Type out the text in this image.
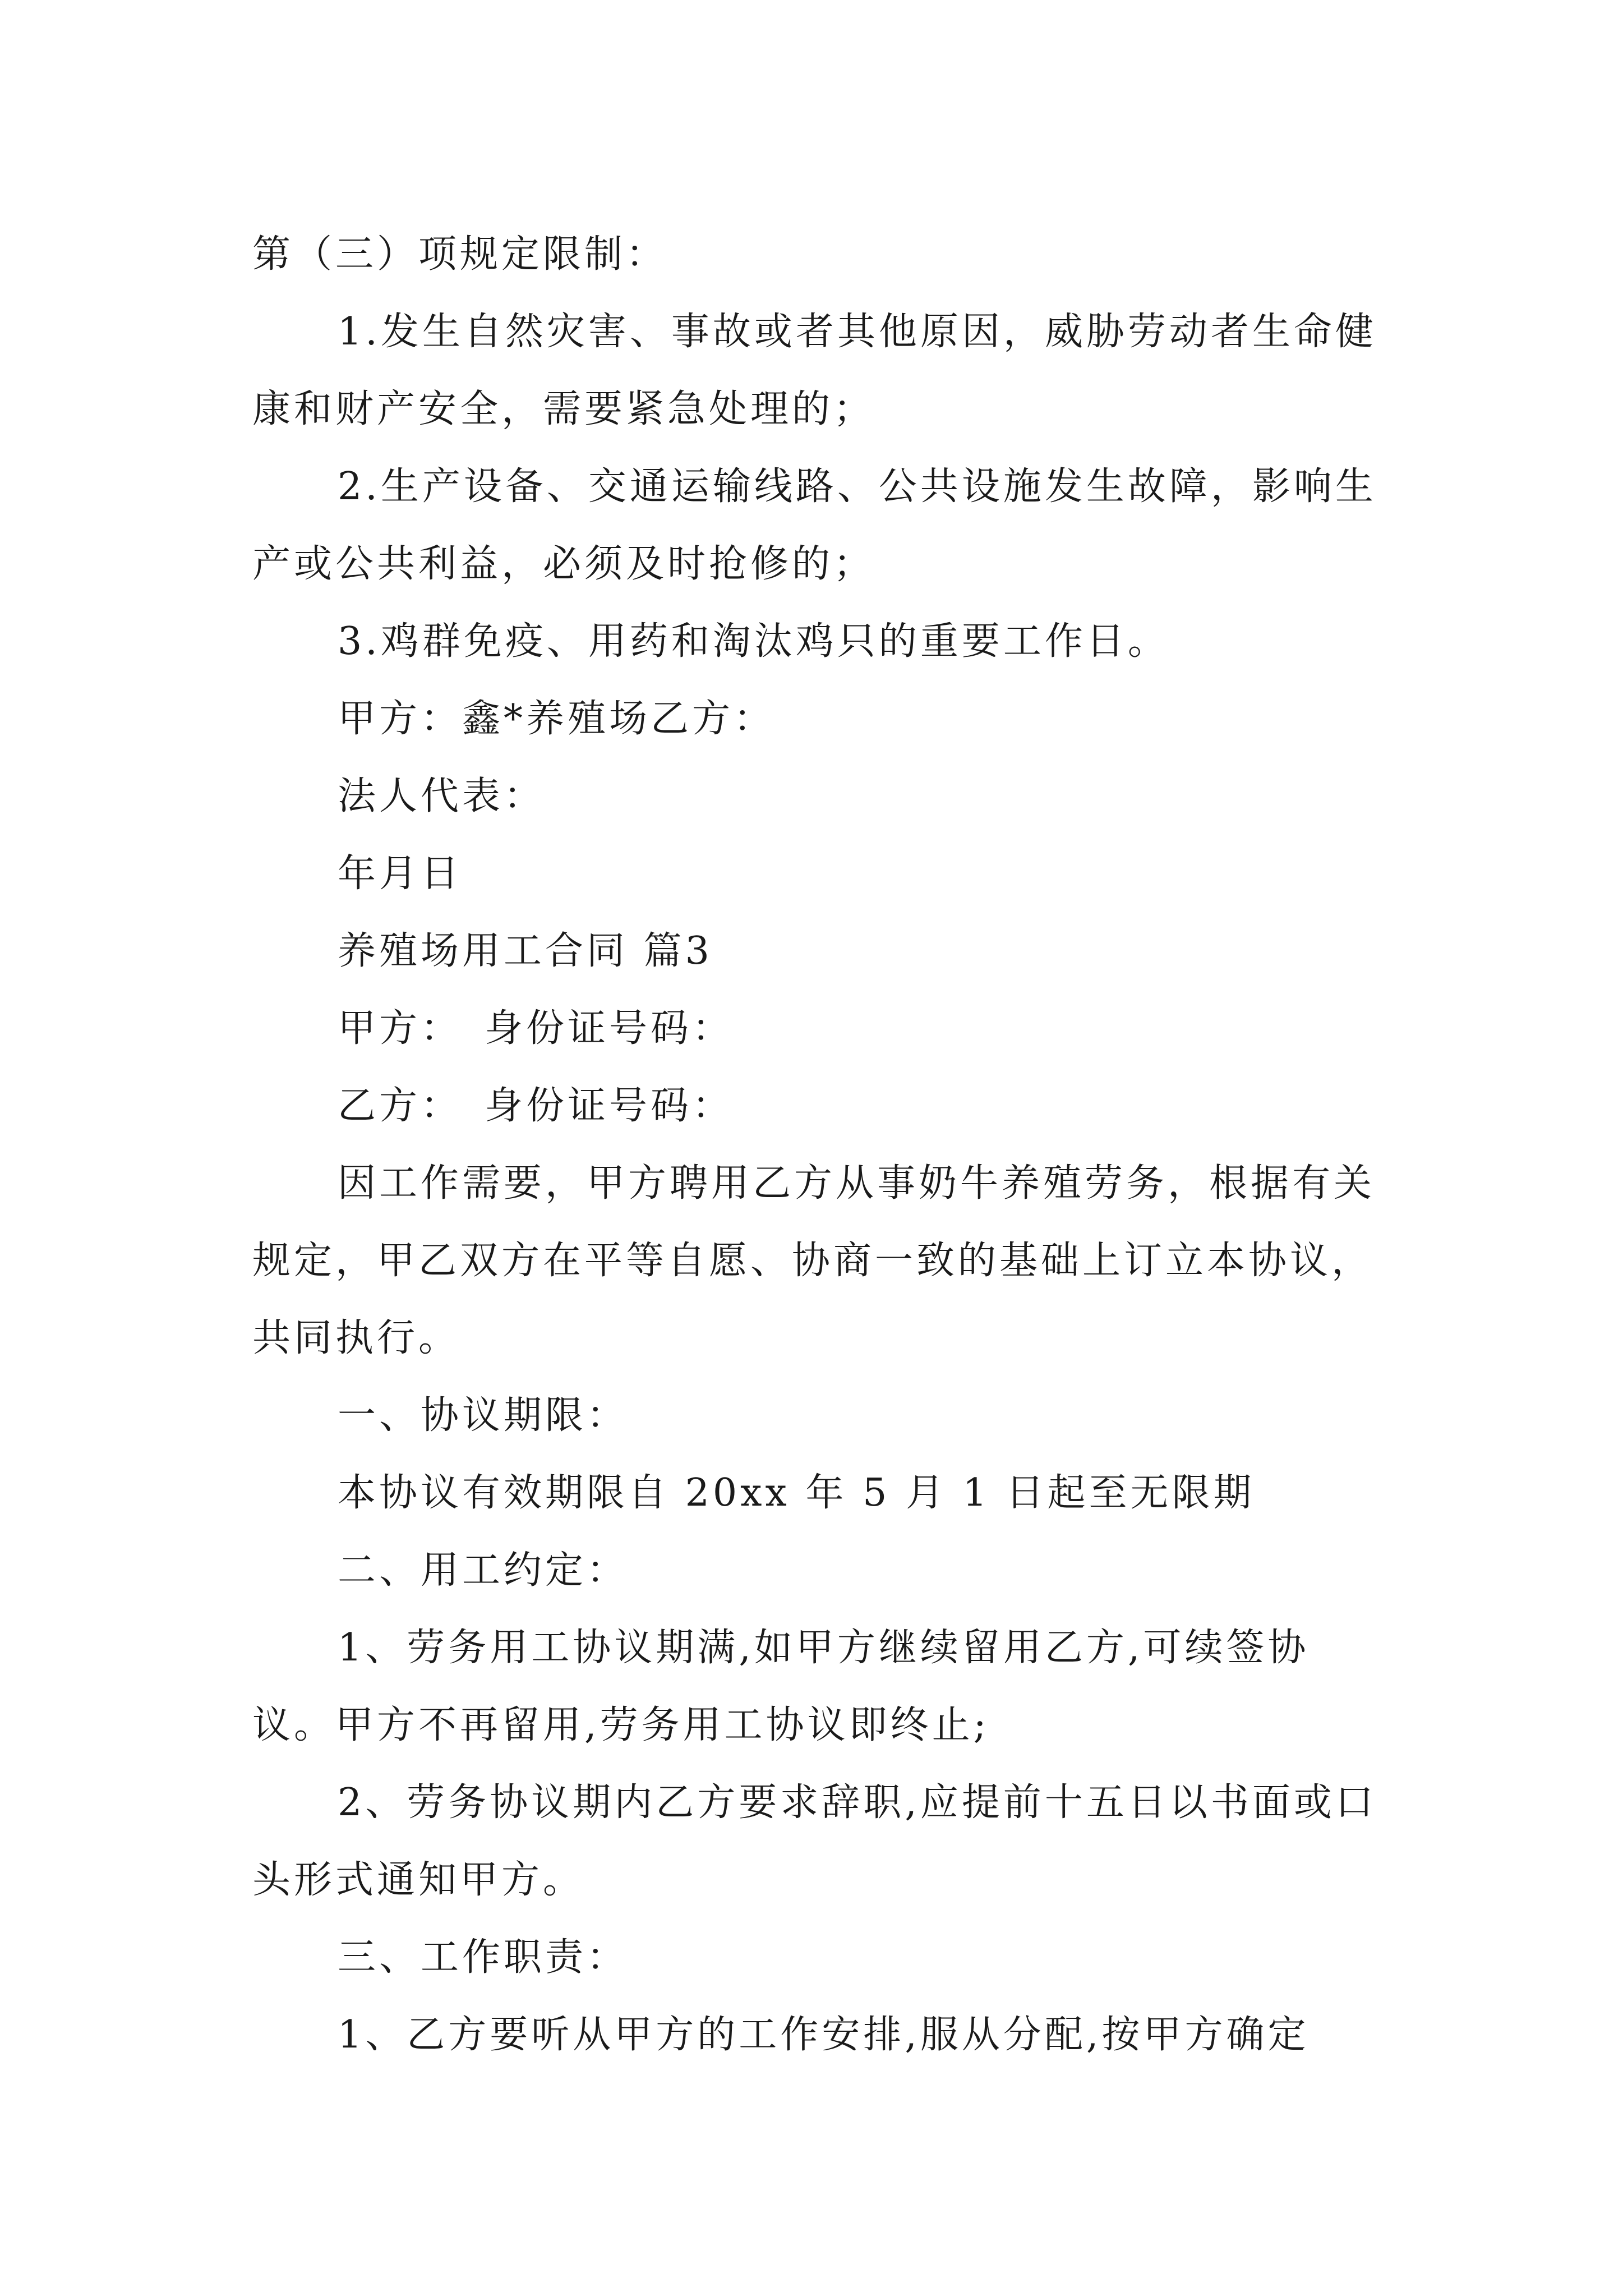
第（三）项规定限制：

1.发生自然灾害、事故或者其他原因，威胁劳动者生命健康和财产安全，需要紧急处理的；

2.生产设备、交通运输线路、公共设施发生故障，影响生产或公共利益，必须及时抢修的；

3.鸡群免疫、用药和淘汰鸡只的重要工作日。

甲方：鑫*养殖场乙方：

法人代表：

年月日

养殖场用工合同 篇3

甲方：　身份证号码：

乙方：　身份证号码：

因工作需要，甲方聘用乙方从事奶牛养殖劳务，根据有关规定，甲乙双方在平等自愿、协商一致的基础上订立本协议，共同执行。

一、协议期限：

本协议有效期限自 20xx 年 5 月 1 日起至无限期

二、用工约定：

1、劳务用工协议期满,如甲方继续留用乙方,可续签协议。甲方不再留用,劳务用工协议即终止;

2、劳务协议期内乙方要求辞职,应提前十五日以书面或口头形式通知甲方。

三、工作职责：

1、乙方要听从甲方的工作安排,服从分配,按甲方确定
